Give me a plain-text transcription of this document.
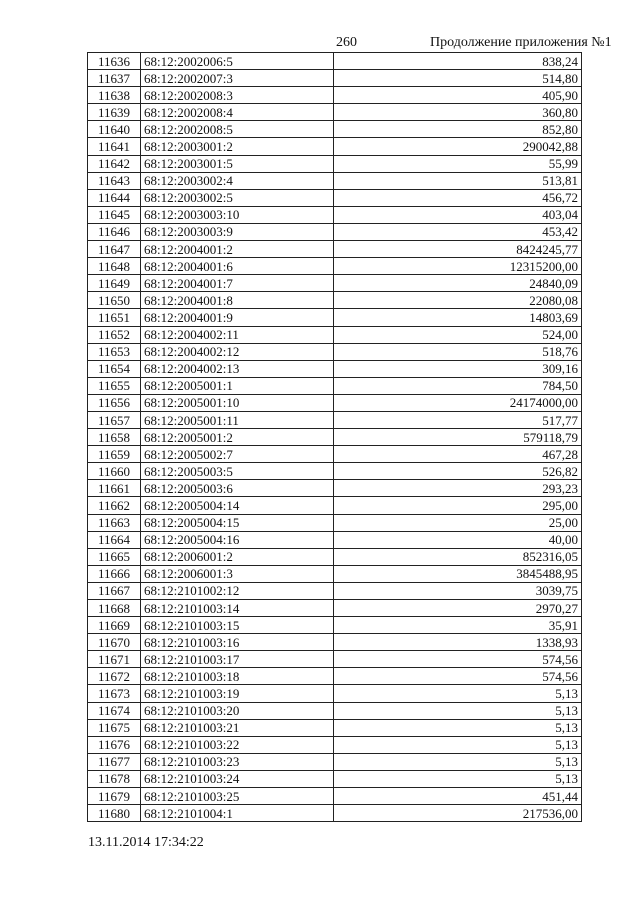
260	Продолжение приложения №1
11636	68:12:2002006:5	838,24
11637	68:12:2002007:3	514,80
11638	68:12:2002008:3	405,90
11639	68:12:2002008:4	360,80
11640	68:12:2002008:5	852,80
11641	68:12:2003001:2	290042,88
11642	68:12:2003001:5	55,99
11643	68:12:2003002:4	513,81
11644	68:12:2003002:5	456,72
11645	68:12:2003003:10	403,04
11646	68:12:2003003:9	453,42
11647	68:12:2004001:2	8424245,77
11648	68:12:2004001:6	12315200,00
11649	68:12:2004001:7	24840,09
11650	68:12:2004001:8	22080,08
11651	68:12:2004001:9	14803,69
11652	68:12:2004002:11	524,00
11653	68:12:2004002:12	518,76
11654	68:12:2004002:13	309,16
11655	68:12:2005001:1	784,50
11656	68:12:2005001:10	24174000,00
11657	68:12:2005001:11	517,77
11658	68:12:2005001:2	579118,79
11659	68:12:2005002:7	467,28
11660	68:12:2005003:5	526,82
11661	68:12:2005003:6	293,23
11662	68:12:2005004:14	295,00
11663	68:12:2005004:15	25,00
11664	68:12:2005004:16	40,00
11665	68:12:2006001:2	852316,05
11666	68:12:2006001:3	3845488,95
11667	68:12:2101002:12	3039,75
11668	68:12:2101003:14	2970,27
11669	68:12:2101003:15	35,91
11670	68:12:2101003:16	1338,93
11671	68:12:2101003:17	574,56
11672	68:12:2101003:18	574,56
11673	68:12:2101003:19	5,13
11674	68:12:2101003:20	5,13
11675	68:12:2101003:21	5,13
11676	68:12:2101003:22	5,13
11677	68:12:2101003:23	5,13
11678	68:12:2101003:24	5,13
11679	68:12:2101003:25	451,44
11680	68:12:2101004:1	217536,00
13.11.2014 17:34:22
